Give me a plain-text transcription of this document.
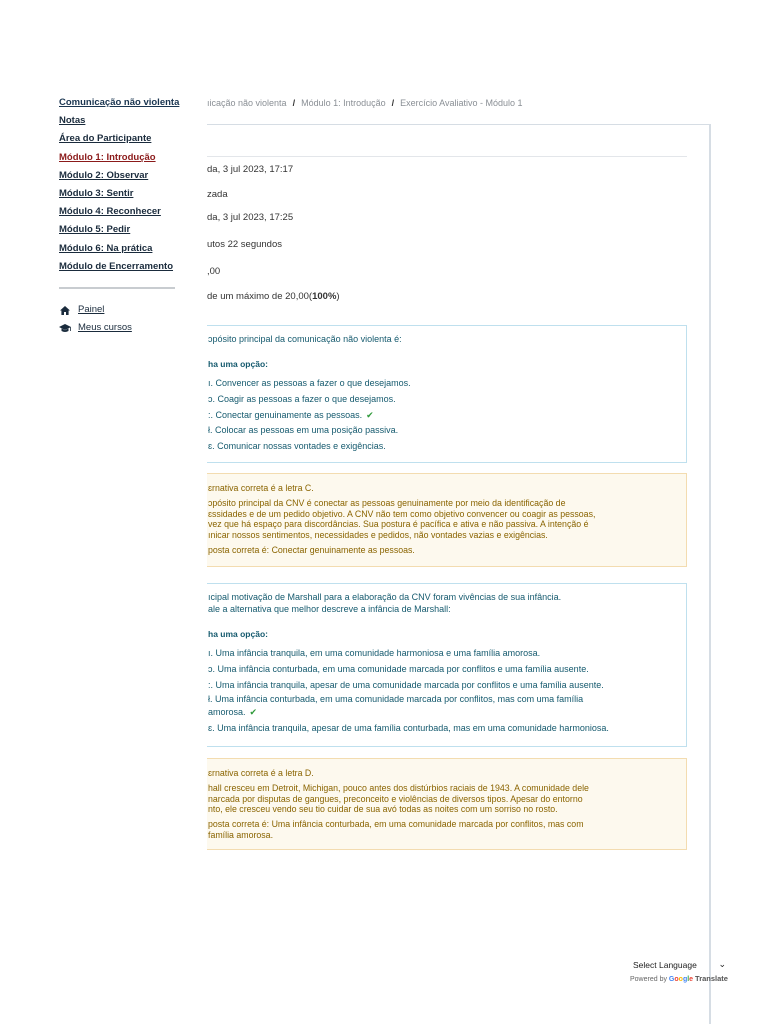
Comunicação não violenta
Notas
Área do Participante
Módulo 1: Introdução
Módulo 2: Observar
Módulo 3: Sentir
Módulo 4: Reconhecer
Módulo 5: Pedir
Módulo 6: Na prática
Módulo de Encerramento
Painel
Meus cursos
ıicação não violenta / Módulo 1: Introdução / Exercício Avaliativo - Módulo 1
da, 3 jul 2023, 17:17
zada
da, 3 jul 2023, 17:25
utos 22 segundos
,00
de um máximo de 20,00(100%)
ɔpósito principal da comunicação não violenta é:
ha uma opção:
ı. Convencer as pessoas a fazer o que desejamos.
ɔ. Coagir as pessoas a fazer o que desejamos.
:. Conectar genuinamente as pessoas. ✔
ł. Colocar as pessoas em uma posição passiva.
ɛ. Comunicar nossas vontades e exigências.
ɛrnativa correta é a letra C.
ɔpósito principal da CNV é conectar as pessoas genuinamente por meio da identificação de
ɛssidades e de um pedido objetivo. A CNV não tem como objetivo convencer ou coagir as pessoas,
vez que há espaço para discordâncias. Sua postura é pacífica e ativa e não passiva. A intenção é
ınicar nossos sentimentos, necessidades e pedidos, não vontades vazias e exigências.
posta correta é: Conectar genuinamente as pessoas.
ıcipal motivação de Marshall para a elaboração da CNV foram vivências de sua infância.
ale a alternativa que melhor descreve a infância de Marshall:
ha uma opção:
ı. Uma infância tranquila, em uma comunidade harmoniosa e uma família amorosa.
ɔ. Uma infância conturbada, em uma comunidade marcada por conflitos e uma família ausente.
:. Uma infância tranquila, apesar de uma comunidade marcada por conflitos e uma família ausente.
ł. Uma infância conturbada, em uma comunidade marcada por conflitos, mas com uma família
amorosa. ✔
ɛ. Uma infância tranquila, apesar de uma família conturbada, mas em uma comunidade harmoniosa.
ɛrnativa correta é a letra D.
hall cresceu em Detroit, Michigan, pouco antes dos distúrbios raciais de 1943. A comunidade dele
narcada por disputas de gangues, preconceito e violências de diversos tipos. Apesar do entorno
nto, ele cresceu vendo seu tio cuidar de sua avó todas as noites com um sorriso no rosto.
posta correta é: Uma infância conturbada, em uma comunidade marcada por conflitos, mas com
família amorosa.
Select Language ⌄
Powered by Google Translate
